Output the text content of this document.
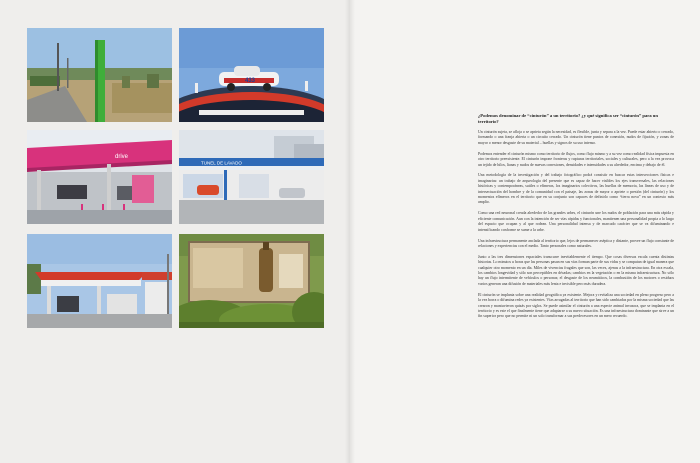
433
drive
TUNEL DE LAVADO
¿Podemos denominar de “cinturón” a un territorio? ¿y qué significa ser “cinturón” para un territorio?
Un cinturón sujeta, se afloja o se aprieta según la necesidad, es flexible, junta y separa a la vez. Puede estar abierto o cerrado, formando o una franja abierta o un circuito cerrado. Un cinturón tiene puntos de conexión, nudos de fijación, y zonas de mayor o menor desgaste de su material – huellas y signos de su uso intenso.
Podemos entender el cinturón mismo como territorio de flujos, como flujo mismo y a su vez como realidad física impuesta en otro territorio preexistente. El cinturón impone fronteras y rupturas territoriales, sociales y culturales, pero a la vez provoca un tejido de hilos, lianas y nudos de nuevas conexiones, densidades e intensidades a su alrededor, encima y debajo de él.
Una metodología de la investigación y del trabajo fotográfico podrá consistir en buscar estas intersecciones físicas e imaginarias: un trabajo de arqueología del presente que es capaz de hacer visibles los ejes transversales, las relaciones históricas y contemporáneas, sutiles o efímeras, los imaginarios colectivos, las huellas de memoria, las líneas de uso y de intersectuación del hombre y de la comunidad con el paisaje, las zonas de mayor o apriete o presión (del cinturón) y los momentos efímeros en el territorio que en su conjunto son capaces de definirlo como “tierra nova” en un contexto más amplio.
Como una red neuronal creada alrededor de las grandes urbes, el cinturón une los nudos de población para una más rápida y eficiente comunicación. Aun con la intención de ser vías rápidas y funcionales, mantienen una personalidad propia a lo largo del espacio que ocupan y al que rodean. Una personalidad intensa y de marcado carácter que se va difuminando e intensificando conforme se sume a la urbe.
Una infraestructura permanente anclada al territorio que, lejos de permanecer aséptica y distante, provee un flujo constante de relaciones y experiencias con el medio. Tanto personales como naturales.
Junto a las tres dimensiones espaciales transcurre inevitablemente el tiempo. Que cosas diversas escala cuenta distintas historias. Lo minutos u horas que las personas pasan en sus vías forman parte de sus vidas y se computan de igual manera que cualquier otro momento en un día. Miles de vivencias frugales que son, las veces, ajenas a la infraestructura. En otra escala, los cambios longevidad y sólo son perceptibles en décadas; cambios en la vegetación o en la misma infraestructura. No sólo hay un flujo intermitente de vehículos o personas; el desgaste de los neumáticos, la combustión de los motores o residuos varios generan una difusión de materiales más lenta e invisible pero más duradera.
El cinturón se implanta sobre una realidad geográfica ya existente. Mejora y revitaliza una sociedad en pleno progreso pero a la vez borra o difumina redes ya existentes. Vías arrugadas al territorio que han sido cambiadas por la misma sociedad que las crearon y mantuvieron quizás por siglos. Se puede asimilar el cinturón a una especie animal invasora, que se implanta en el territorio y es este el que finalmente tiene que adaptarse a su nuevo situación. Es una infraestructura dominante que sirve a un fin superior pero que no permite ni un solo transformar a sus predecesores en un mero recuerdo.
